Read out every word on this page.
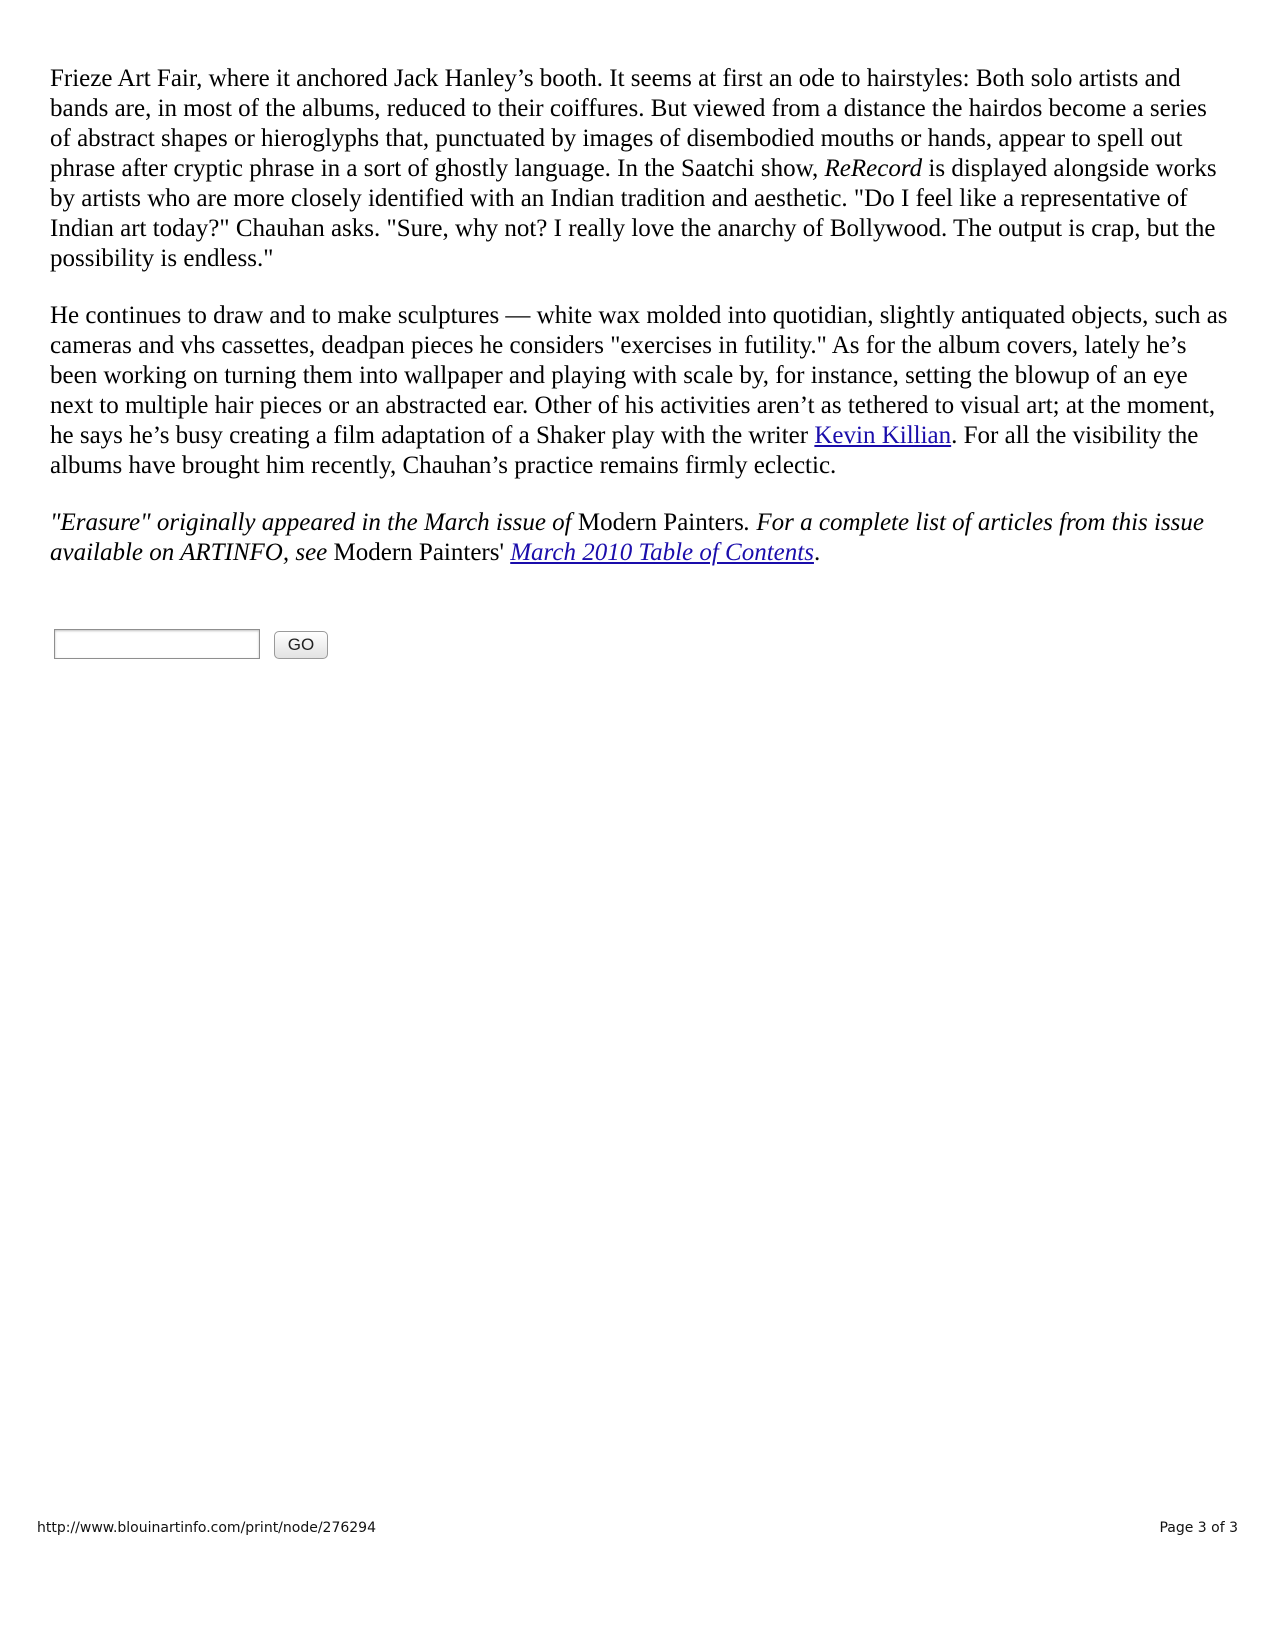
Frieze Art Fair, where it anchored Jack Hanley’s booth. It seems at first an ode to hairstyles: Both solo artists and bands are, in most of the albums, reduced to their coiffures. But viewed from a distance the hairdos become a series of abstract shapes or hieroglyphs that, punctuated by images of disembodied mouths or hands, appear to spell out phrase after cryptic phrase in a sort of ghostly language. In the Saatchi show, ReRecord is displayed alongside works by artists who are more closely identified with an Indian tradition and aesthetic. "Do I feel like a representative of Indian art today?" Chauhan asks. "Sure, why not? I really love the anarchy of Bollywood. The output is crap, but the possibility is endless."

He continues to draw and to make sculptures — white wax molded into quotidian, slightly antiquated objects, such as cameras and vhs cassettes, deadpan pieces he considers "exercises in futility." As for the album covers, lately he’s been working on turning them into wallpaper and playing with scale by, for instance, setting the blowup of an eye next to multiple hair pieces or an abstracted ear. Other of his activities aren’t as tethered to visual art; at the moment, he says he’s busy creating a film adaptation of a Shaker play with the writer Kevin Killian. For all the visibility the albums have brought him recently, Chauhan’s practice remains firmly eclectic.

"Erasure" originally appeared in the March issue of Modern Painters. For a complete list of articles from this issue available on ARTINFO, see Modern Painters' March 2010 Table of Contents.

GO
http://www.blouinartinfo.com/print/node/276294	Page 3 of 3
